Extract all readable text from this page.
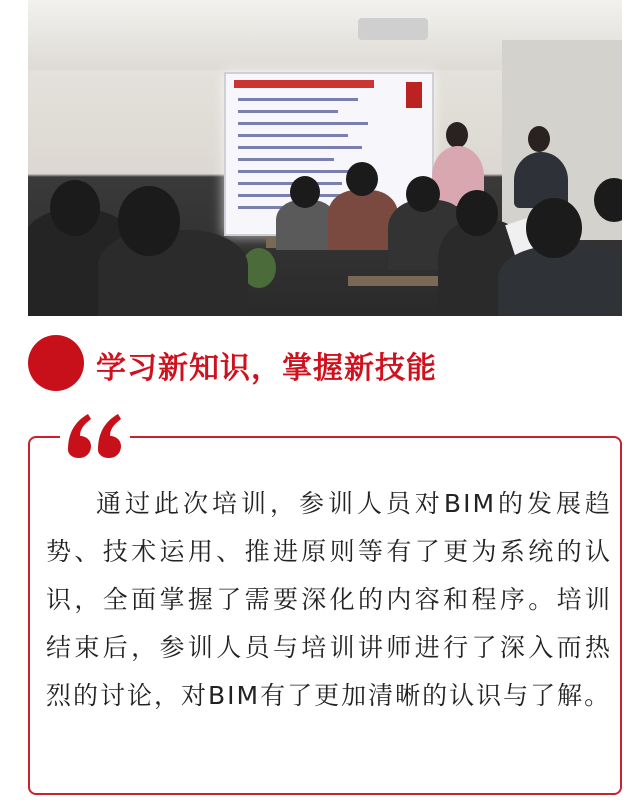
学习新知识，掌握新技能
通过此次培训，参训人员对BIM的发展趋势、技术运用、推进原则等有了更为系统的认识，全面掌握了需要深化的内容和程序。培训结束后，参训人员与培训讲师进行了深入而热烈的讨论，对BIM有了更加清晰的认识与了解。
